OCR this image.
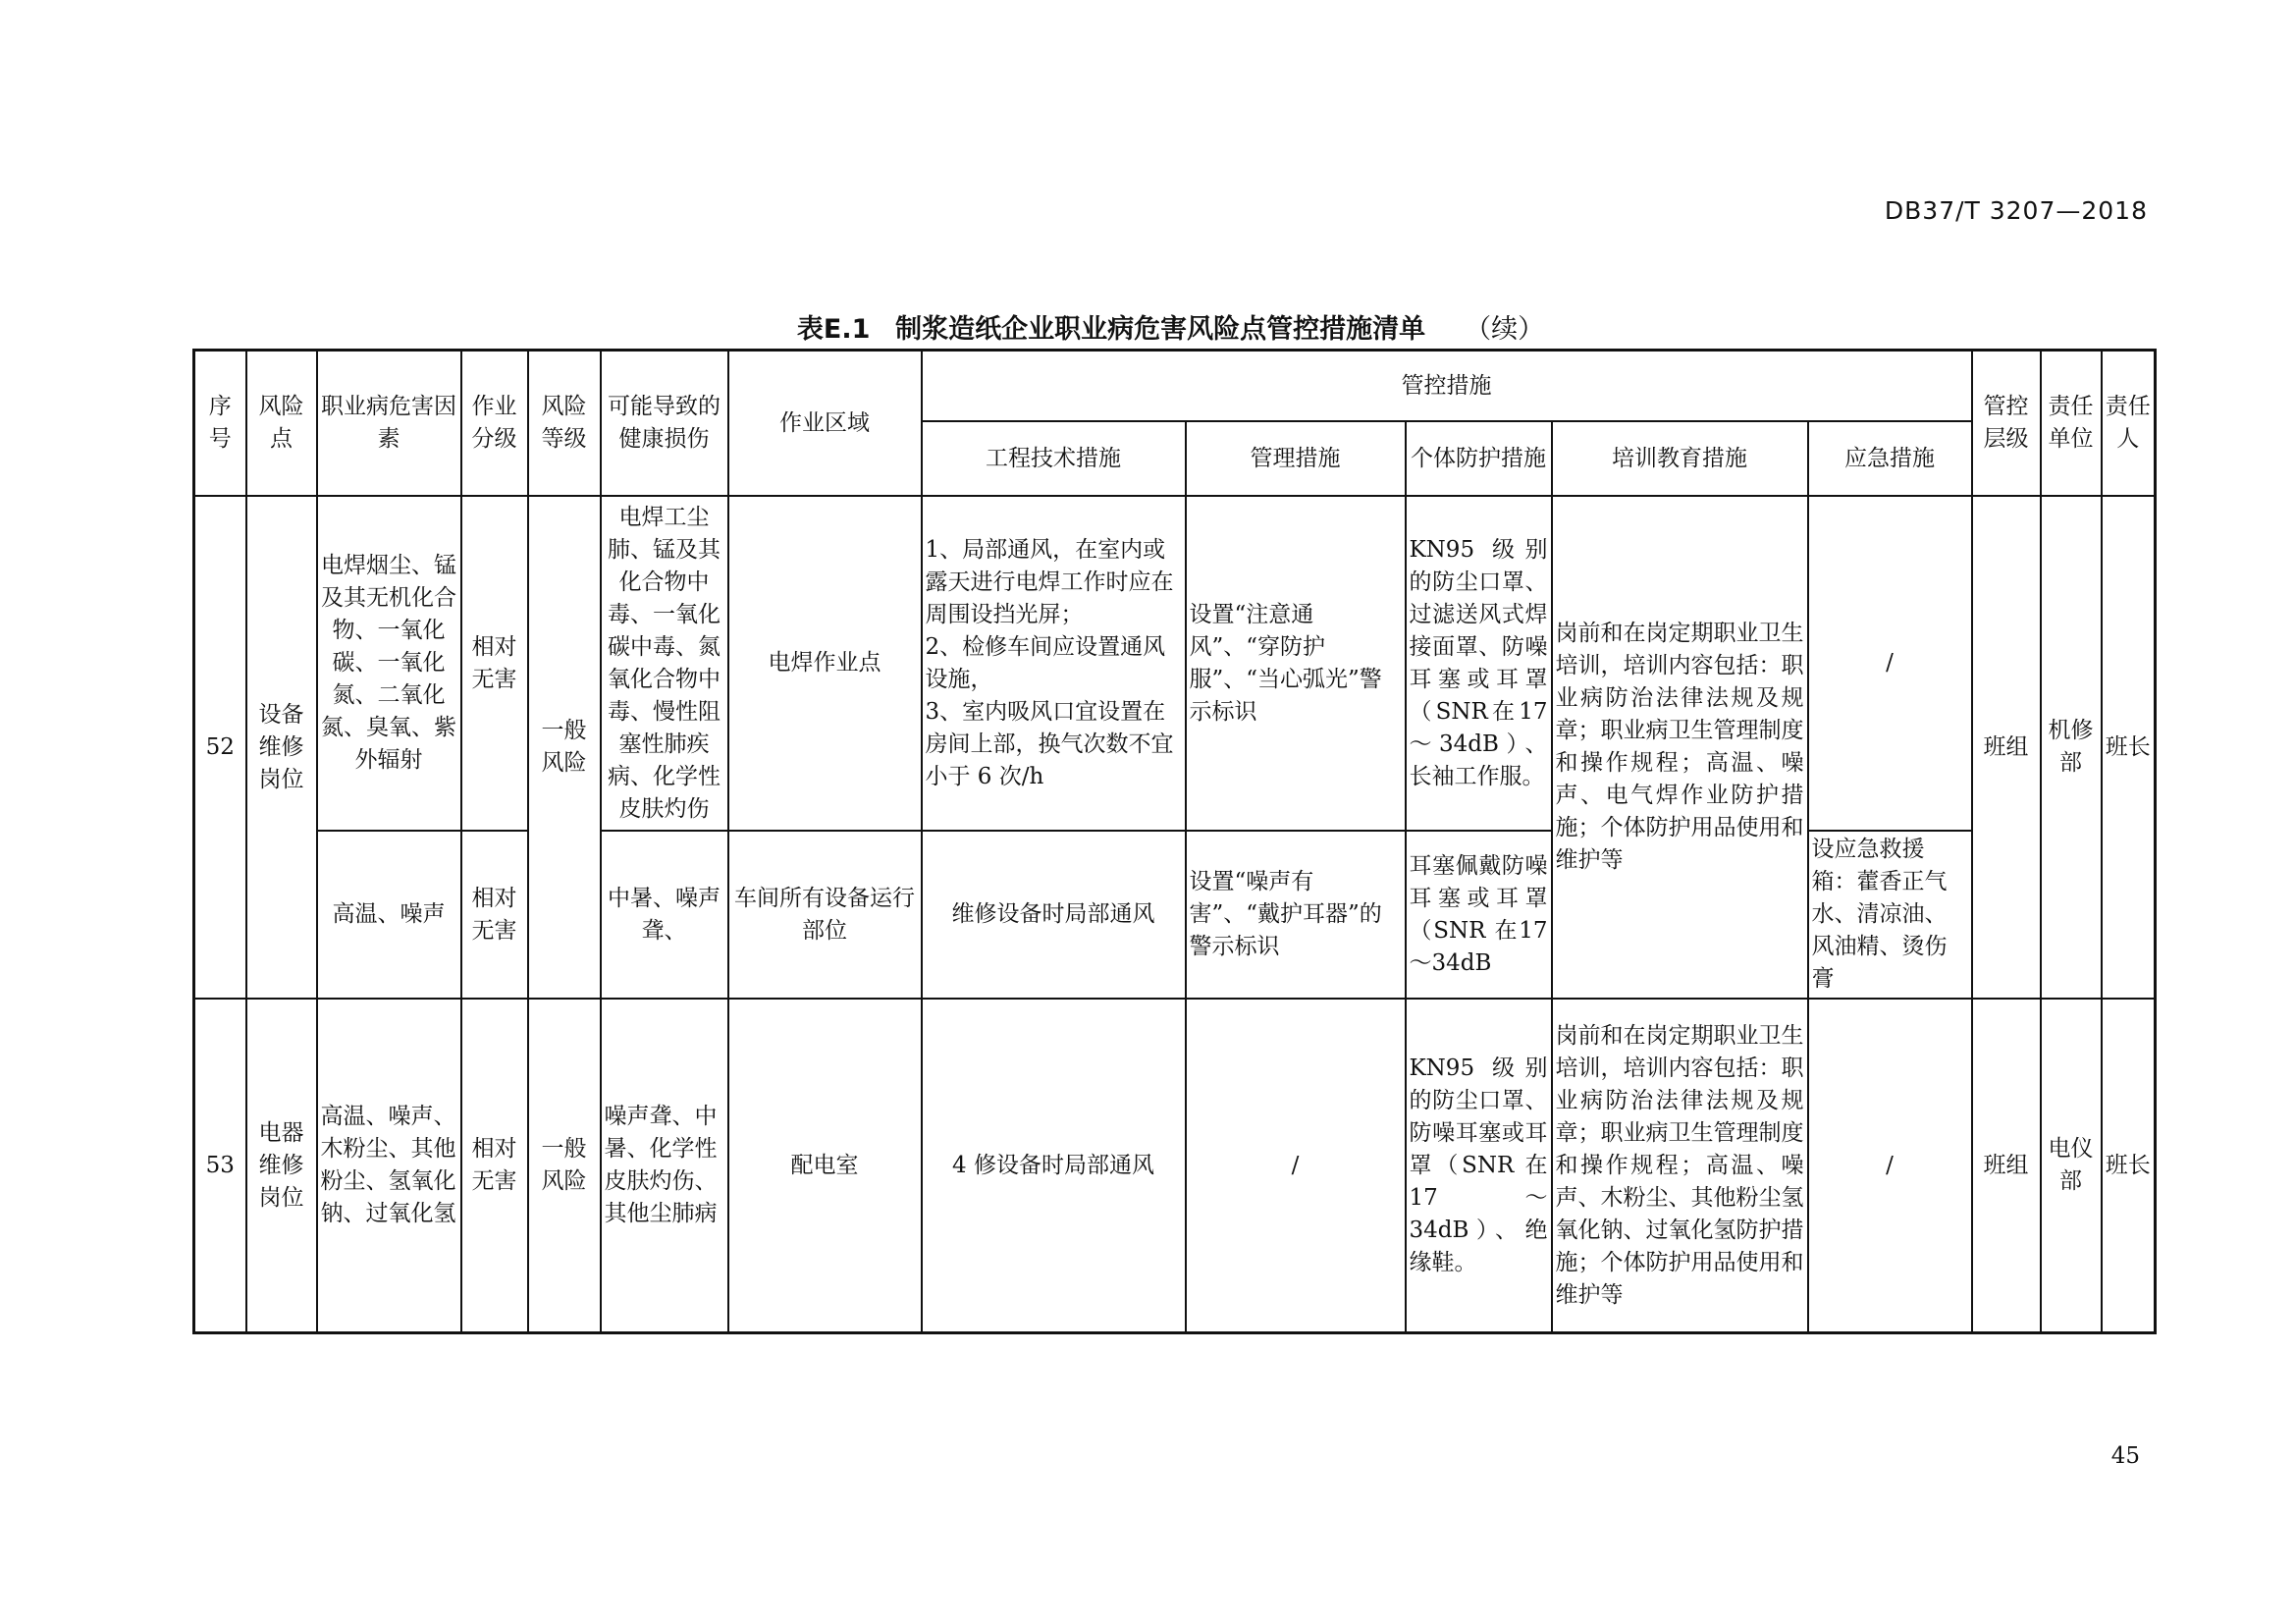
DB37/T 3207—2018
表E.1 制浆造纸企业职业病危害风险点管控措施清单 （续）
序号	风险点	职业病危害因素	作业分级	风险等级	可能导致的健康损伤	作业区域	管控措施					管控层级	责任单位	责任人
							工程技术措施	管理措施	个体防护措施	培训教育措施	应急措施			
52	设备维修岗位	电焊烟尘、锰及其无机化合物、一氧化碳、一氧化氮、二氧化氮、臭氧、紫外辐射	相对无害	一般风险	电焊工尘肺、锰及其化合物中毒、一氧化碳中毒、氮氧化合物中毒、慢性阻塞性肺疾病、化学性皮肤灼伤	电焊作业点	1、局部通风，在室内或露天进行电焊工作时应在周围设挡光屏；
2、检修车间应设置通风设施，
3、室内吸风口宜设置在房间上部，换气次数不宜小于 6 次/h	设置“注意通风”、“穿防护服”、“当心弧光”警示标识	KN95 级别的防尘口罩、过滤送风式焊接面罩、防噪耳塞或耳罩（SNR在17～34dB）、长袖工作服。	岗前和在岗定期职业卫生培训，培训内容包括：职业病防治法律法规及规章；职业病卫生管理制度和操作规程；高温、噪声、电气焊作业防护措施；个体防护用品使用和维护等	/	班组	机修部	班长
		高温、噪声	相对无害		中暑、噪声聋、	车间所有设备运行部位	维修设备时局部通风	设置“噪声有害”、“戴护耳器”的警示标识	耳塞佩戴防噪耳塞或耳罩（SNR 在17～34dB		设应急救援箱：藿香正气水、清凉油、风油精、烫伤膏			
53	电器维修岗位	高温、噪声、木粉尘、其他粉尘、氢氧化钠、过氧化氢	相对无害	一般风险	噪声聋、中暑、化学性皮肤灼伤、其他尘肺病	配电室	4 修设备时局部通风	/	KN95 级别的防尘口罩、防噪耳塞或耳罩（SNR 在17～34dB）、绝缘鞋。	岗前和在岗定期职业卫生培训，培训内容包括：职业病防治法律法规及规章；职业病卫生管理制度和操作规程；高温、噪声、木粉尘、其他粉尘氢氧化钠、过氧化氢防护措施；个体防护用品使用和维护等	/	班组	电仪部	班长
45
